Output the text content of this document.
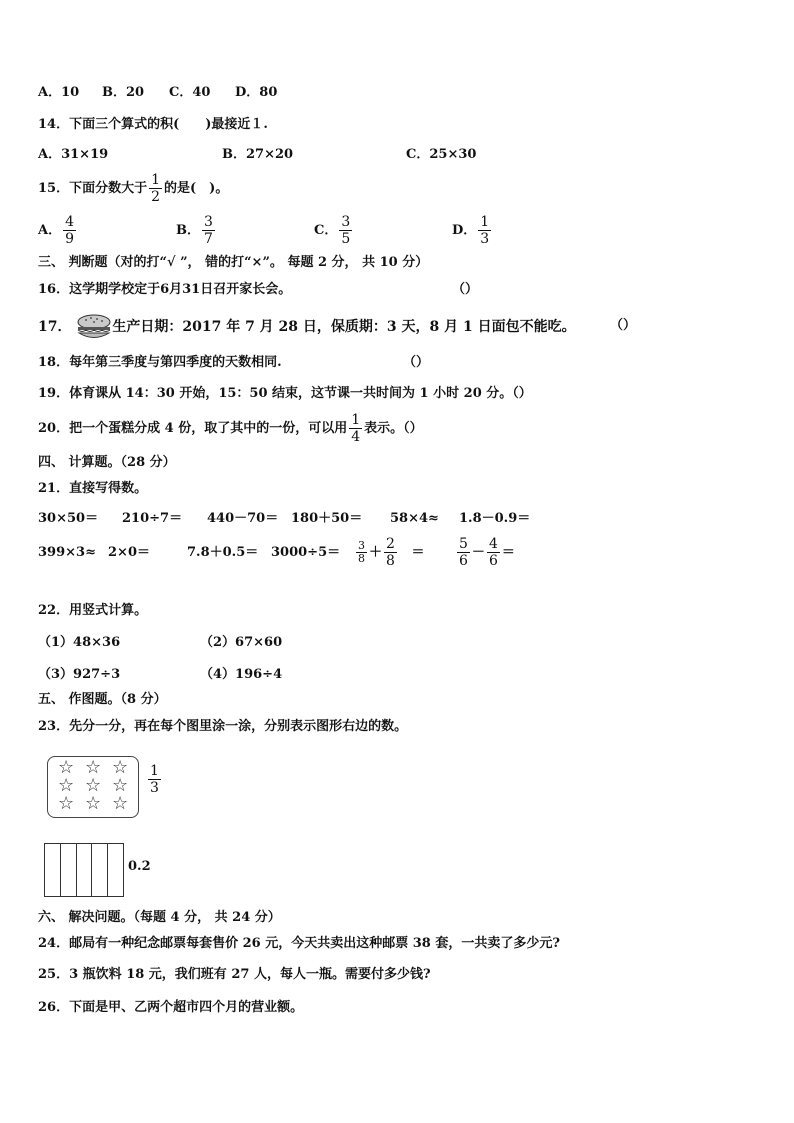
A．10 B．20 C．40 D．80
14．下面三个算式的积(　　)最接近１.
A．31×19	B．27×20	C．25×30
15．下面分数大于 $\frac{1}{2}$ 的是(　)。
A． $\frac{4}{9}$	B． $\frac{3}{7}$	C． $\frac{3}{5}$	D． $\frac{1}{3}$
三、 判断题（对的打“√ ”， 错的打“×”。 每题 2 分， 共 10 分）
16．这学期学校定于6月31日召开家长会。	（）
17．	生产日期：2017 年 7 月 28 日，保质期：3 天，8 月 1 日面包不能吃。	（）
18．每年第三季度与第四季度的天数相同.	（）
19．体育课从 14：30 开始，15：50 结束，这节课一共时间为 1 小时 20 分。（）
20．把一个蛋糕分成 4 份，取了其中的一份，可以用 $\frac{1}{4}$ 表示。（）
四、 计算题。（28 分）
21．直接写得数。
30×50＝ 210÷7＝ 440－70＝ 180＋50＝ 58×4≈ 1.8－0.9＝
399×3≈ 2×0＝	$7.8+0.5= 3000\div 5= \frac{3}{8} + \frac{2}{8} = \frac{5}{6} - \frac{4}{6}$ ＝
22．用竖式计算。
（1）48×36	（2）67×60
（3）927÷3	（4）196÷4
五、 作图题。（8 分）
23．先分一分，再在每个图里涂一涂，分别表示图形右边的数。
☆ ☆ ☆
☆ ☆ ☆
☆ ☆ ☆
$\frac{1}{3}$
0.2
六、 解决问题。（每题 4 分， 共 24 分）
24．邮局有一种纪念邮票每套售价 26 元，今天共卖出这种邮票 38 套，一共卖了多少元?
25．3 瓶饮料 18 元，我们班有 27 人，每人一瓶。需要付多少钱?
26．下面是甲、乙两个超市四个月的营业额。
